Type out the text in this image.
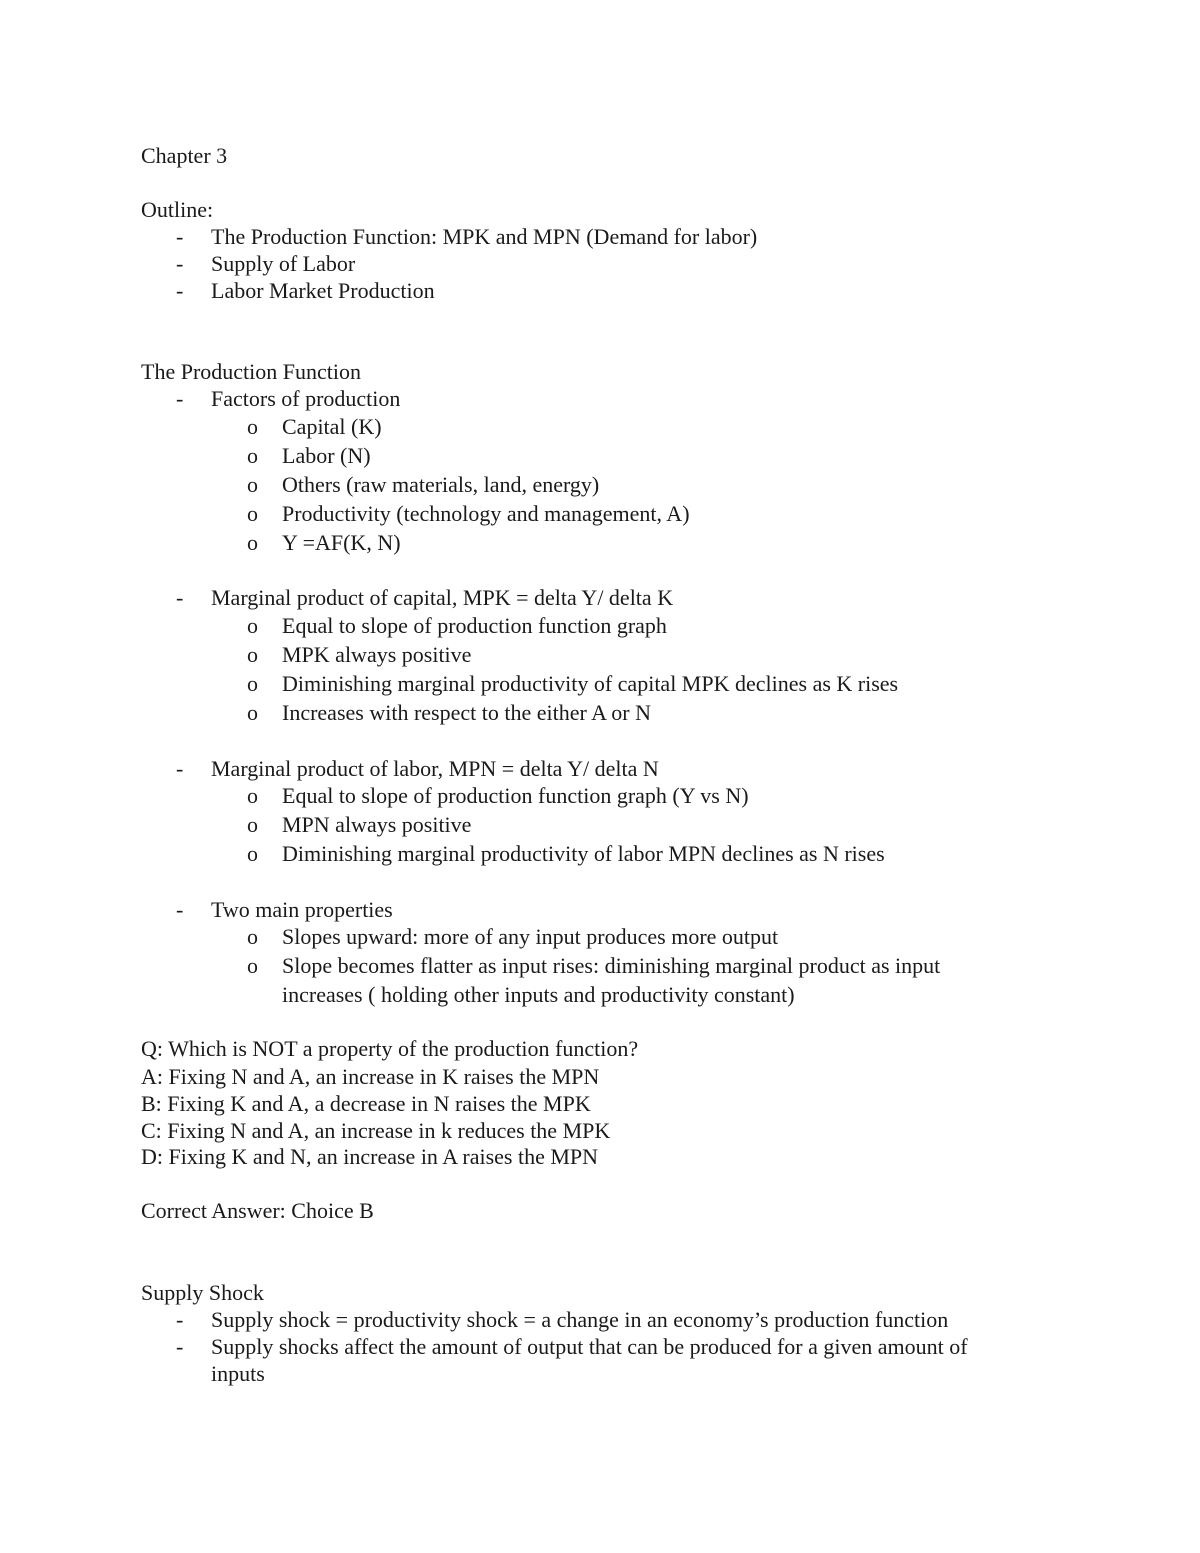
Chapter 3
Outline:
- The Production Function: MPK and MPN (Demand for labor)
- Supply of Labor
- Labor Market Production
The Production Function
- Factors of production
o Capital (K)
o Labor (N)
o Others (raw materials, land, energy)
o Productivity (technology and management, A)
o Y =AF(K, N)
- Marginal product of capital, MPK = delta Y/ delta K
o Equal to slope of production function graph
o MPK always positive
o Diminishing marginal productivity of capital MPK declines as K rises
o Increases with respect to the either A or N
- Marginal product of labor, MPN = delta Y/ delta N
o Equal to slope of production function graph (Y vs N)
o MPN always positive
o Diminishing marginal productivity of labor MPN declines as N rises
- Two main properties
o Slopes upward: more of any input produces more output
o Slope becomes flatter as input rises: diminishing marginal product as input
increases ( holding other inputs and productivity constant)
Q: Which is NOT a property of the production function?
A: Fixing N and A, an increase in K raises the MPN
B: Fixing K and A, a decrease in N raises the MPK
C: Fixing N and A, an increase in k reduces the MPK
D: Fixing K and N, an increase in A raises the MPN
Correct Answer: Choice B
Supply Shock
- Supply shock = productivity shock = a change in an economy’s production function
- Supply shocks affect the amount of output that can be produced for a given amount of
inputs
